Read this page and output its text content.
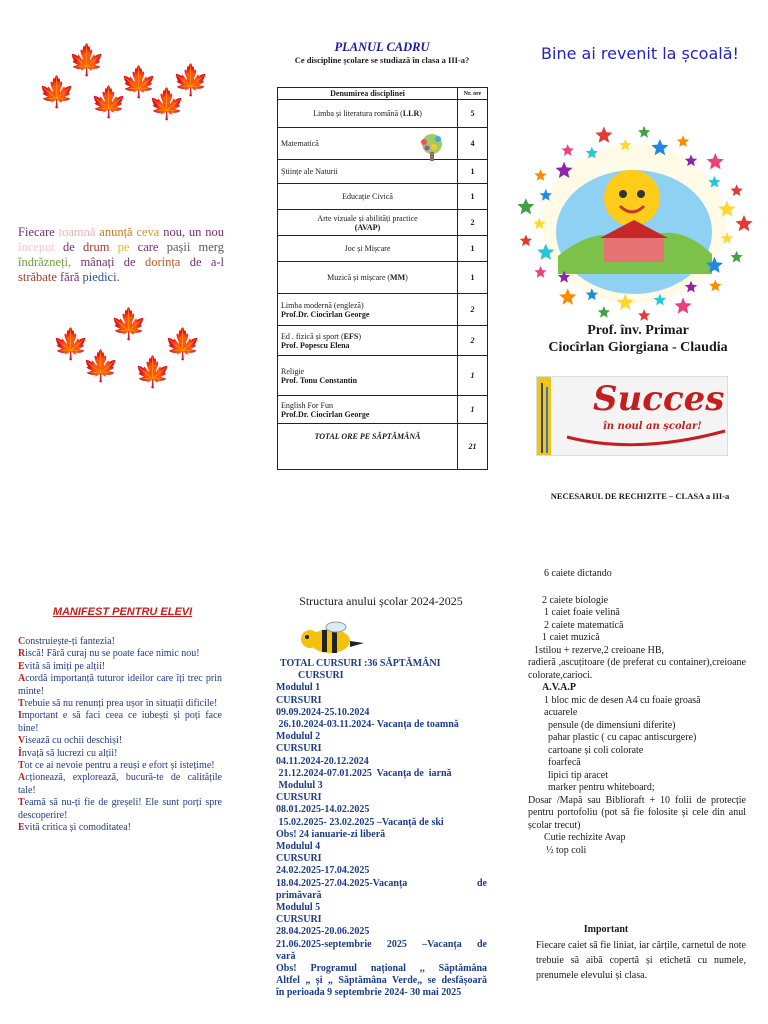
🍁
🍁
🍁
🍁
🍁
🍁
Fiecare toamnă anunță ceva nou, un nou început de drum pe care pașii merg îndrăzneți, mânați de dorința de a-l străbate fără piedici.
🍁
🍁
🍁
🍁
🍁
PLANUL CADRU
Ce discipline școlare se studiază în clasa a III-a?
Denumirea disciplinei	Nr. ore

Limba și literatura română (LLR)	5

Matematică	4

Științe ale Naturii	1

Educație Civică	1

Arte vizuale și abilități practice
(AVAP)	2

Joc și Mișcare	1

Muzică și mișcare (MM)	1

Limba modernă (engleză)
Prof.Dr. Ciocîrlan George	2

Ed . fizică și sport (EFS)
Prof. Popescu Elena	2

Religie
Prof. Tonu Constantin	1

English For Fun
Prof.Dr. Ciocîrlan George	1
TOTAL ORE PE SĂPTĂMÂNĂ	21
Bine ai revenit la școală!
Prof. înv. Primar
Ciocîrlan Giorgiana - Claudia
Succes
în noul an școlar!
NECESARUL DE RECHIZITE – CLASA a III-a
MANIFEST PENTRU ELEVI

Construiește-ți fantezia!

Riscă! Fără curaj nu se poate face nimic nou!

Evită să imiți pe alții!

Acordă importanță tuturor ideilor care îți trec prin minte!

Trebuie să nu renunți prea ușor în situații dificile!

Important e să faci ceea ce iubești și poți face bine!

Visează cu ochii deschiși!

Învață să lucrezi cu alții!

Tot ce ai nevoie pentru a reuși e efort și istețime!

Acționează, explorează, bucură-te de calitățile tale!

Teamă să nu-ți fie de greșeli! Ele sunt porți spre descoperire!

Evită critica și comoditatea!

Structura anului școlar 2024-2025
TOTAL CURSURI :36 SĂPTĂMÂNI
CURSURI
Modulul 1
CURSURI
09.09.2024-25.10.2024
26.10.2024-03.11.2024- Vacanța de toamnă
Modulul 2
CURSURI
04.11.2024-20.12.2024
21.12.2024-07.01.2025  Vacanța de  iarnă
Modulul 3
CURSURI
08.01.2025-14.02.2025
15.02.2025- 23.02.2025 –Vacanță de ski
Obs! 24 ianuarie-zi liberă
Modulul 4
CURSURI
24.02.2025-17.04.2025
18.04.2025-27.04.2025-Vacanța de
primăvară
Modulul 5
CURSURI
28.04.2025-20.06.2025
21.06.2025-septembrie 2025 –Vacanța de
vară
Obs! Programul național ,, Săptămâna
Altfel „ și „ Săptămâna Verde„ se desfășoară
în perioada 9 septembrie 2024- 30 mai 2025
6 caiete dictando
2 caiete biologie
1 caiet foaie velină
2 caiete matematică
1 caiet muzică
1stilou + rezerve,2 creioane HB,
radieră ,ascuțitoare (de preferat cu container),creioane colorate,carioci.
A.V.A.P
1 bloc mic de desen A4 cu foaie groasă
acuarele
pensule (de dimensiuni diferite)
pahar plastic ( cu capac antiscurgere)
cartoane și coli colorate
foarfecă
lipici tip aracet
marker pentru whiteboard;
Dosar /Mapă sau Biblioraft + 10 folii de protecție pentru portofoliu (pot să fie folosite și cele din anul școlar trecut)
Cutie rechizite Avap
½ top coli
Important
Fiecare caiet să fie liniat, iar cărțile, carnetul de note trebuie să aibă copertă și etichetă cu numele, prenumele elevului și clasa.
